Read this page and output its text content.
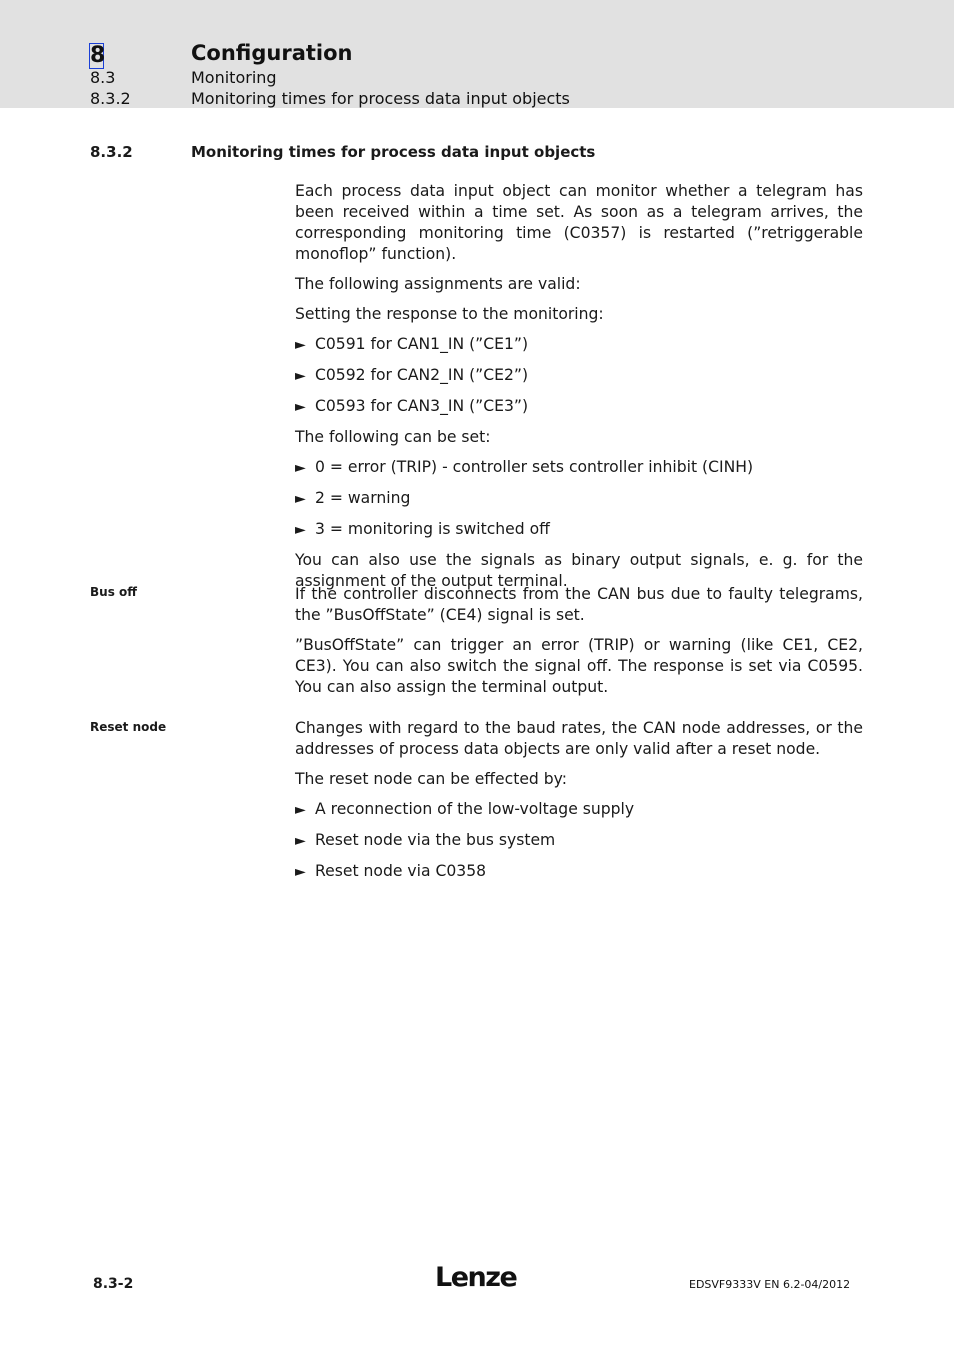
8	Configuration
8.3	Monitoring
8.3.2	Monitoring times for process data input objects
8.3.2	Monitoring times for process data input objects

Each process data input object can monitor whether a telegram has been received within a time set. As soon as a telegram arrives, the corresponding monitoring time (C0357) is restarted (”retriggerable monoflop” function).

The following assignments are valid:

Setting the response to the monitoring:

► C0591 for CAN1_IN (”CE1”)
► C0592 for CAN2_IN (”CE2”)
► C0593 for CAN3_IN (”CE3”)

The following can be set:

► 0 = error (TRIP) - controller sets controller inhibit (CINH)
► 2 = warning
► 3 = monitoring is switched off

You can also use the signals as binary output signals, e. g. for the assignment of the output terminal.

Bus off	If the controller disconnects from the CAN bus due to faulty telegrams, the ”BusOffState” (CE4) signal is set.

”BusOffState” can trigger an error (TRIP) or warning (like CE1, CE2, CE3). You can also switch the signal off. The response is set via C0595. You can also assign the terminal output.

Reset node	Changes with regard to the baud rates, the CAN node addresses, or the addresses of process data objects are only valid after a reset node.

The reset node can be effected by:

► A reconnection of the low-voltage supply
► Reset node via the bus system
► Reset node via C0358
8.3-2	Lenze	EDSVF9333V EN 6.2-04/2012
